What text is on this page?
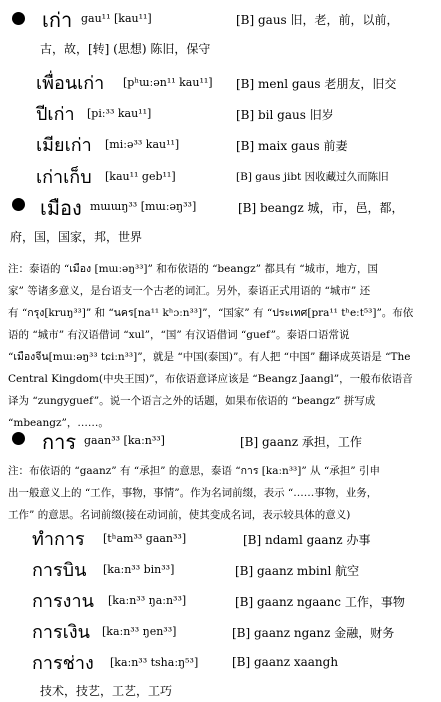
เก่า gau¹¹ [kau¹¹]	[B] gaus 旧，老，前，以前，
古，故，[转] (思想) 陈旧，保守
เพื่อนเก่า [pʰɯːən¹¹ kau¹¹] [B] menl gaus 老朋友，旧交
ปีเก่า [piː³³ kau¹¹]	[B] bil gaus 旧岁
เมียเก่า [miːə³³ kau¹¹]	[B] maix gaus 前妻
เก่าเก็บ [kau¹¹ geb¹¹]	[B] gaus jibt 因收藏过久而陈旧
เมือง mɯɯŋ³³ [mɯːəŋ³³]	[B] beangz 城，市，邑，都，
府，国，国家，邦，世界
注：泰语的 “เมือง [mɯːəŋ³³]” 和布依语的 “beangz” 都具有 “城市，地方，国
家” 等诸多意义，是台语支一个古老的词汇。另外，泰语正式用语的 “城市” 还
有 “กรุง[kruŋ³³]” 和 “นคร[na¹¹ kʰɔːn³³]”，“国家” 有 “ประเทศ[pra¹¹ tʰeːt⁵³]”。布依
语的 “城市” 有汉语借词 “xul”，“国” 有汉语借词 “guef”。泰语口语常说
“เมืองจีน[mɯːəŋ³³ tɕiːn³³]”，就是 “中国(泰国)”。有人把 “中国” 翻译成英语是 “The
Central Kingdom(中央王国)”，布依语意译应该是 “Beangz Jaangl”，一般布依语音
译为 “zungyguef”。说一个语言之外的话题，如果布依语的 “beangz” 拼写成
“mbeangz”，……。
การ gaan³³ [kaːn³³]	[B] gaanz 承担，工作
注：布依语的 “gaanz” 有 “承担” 的意思，泰语 “การ [kaːn³³]” 从 “承担” 引申
出一般意义上的 “工作，事物，事情”。作为名词前缀，表示 “……事物，业务，
工作” 的意思。名词前缀(接在动词前，使其变成名词，表示较具体的意义)
ทำการ [tʰam³³ gaan³³]	[B] ndaml gaanz 办事
การบิน [kaːn³³ bin³³]	[B] gaanz mbinl 航空
การงาน [kaːn³³ ŋaːn³³]	[B] gaanz ngaanc 工作，事物
การเงิน [kaːn³³ ŋen³³]	[B] gaanz nganz 金融，财务
การช่าง [kaːn³³ tshaːŋ⁵³]	[B] gaanz xaangh
技术，技艺，工艺，工巧
